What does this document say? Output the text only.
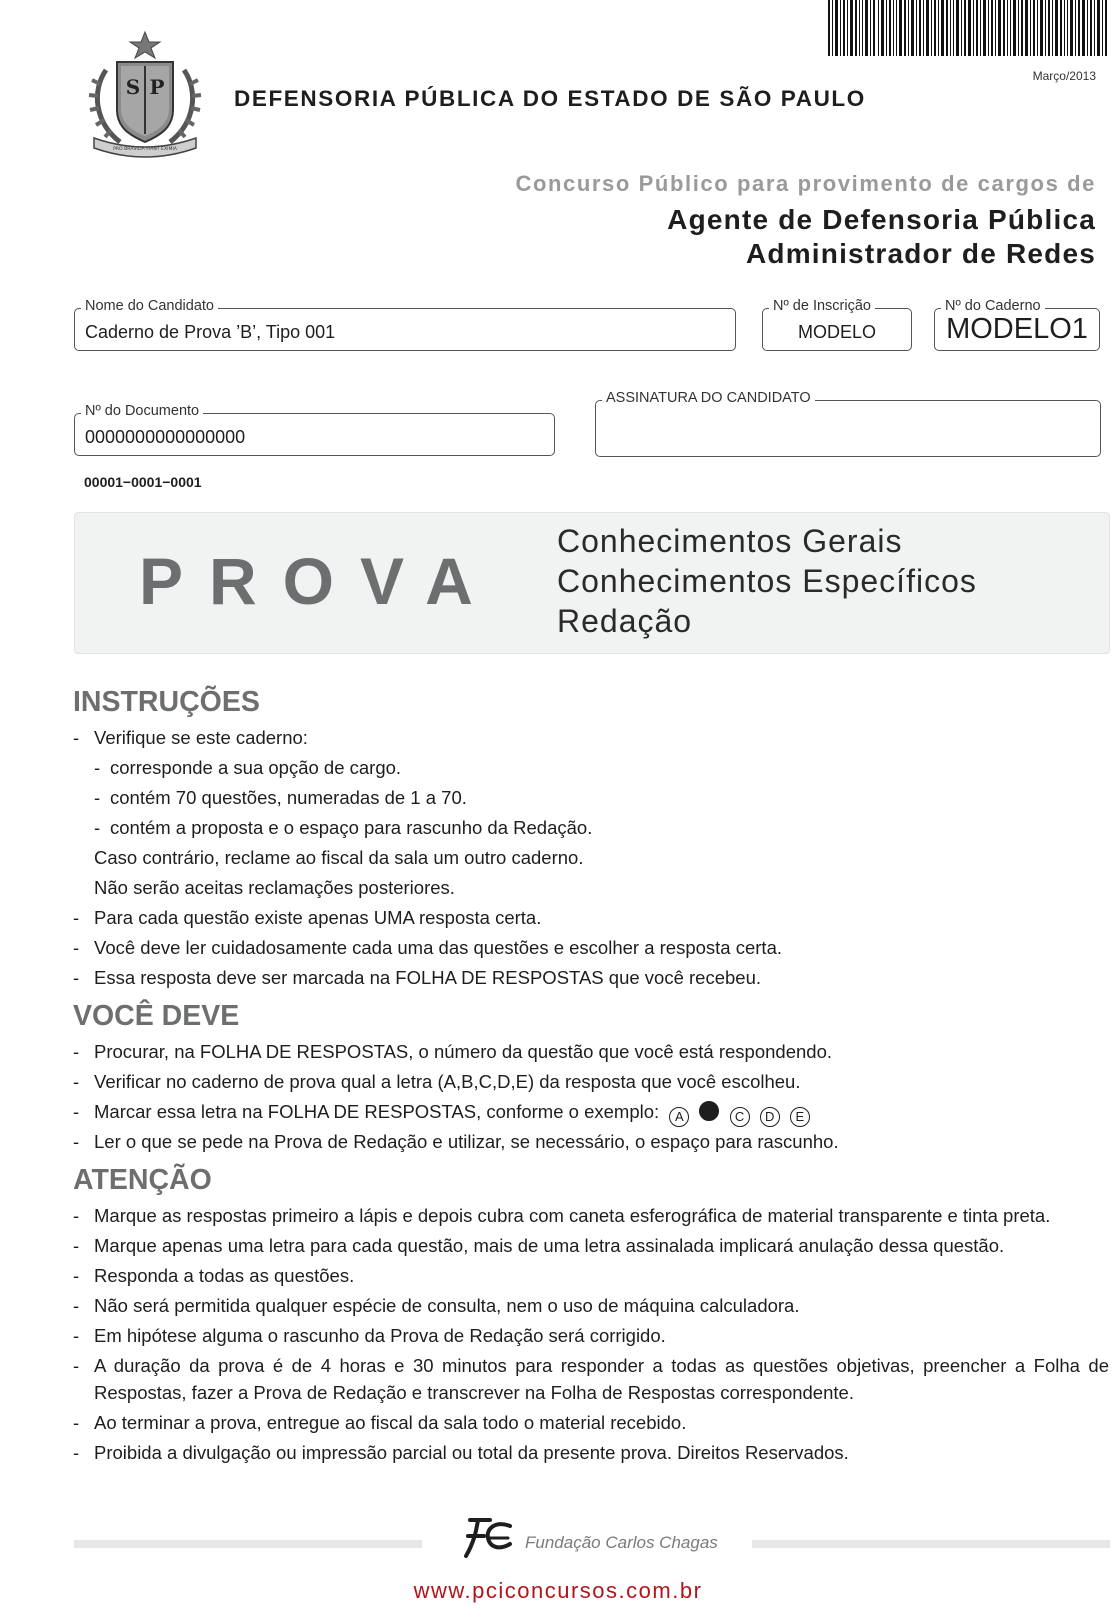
Março/2013
S P
PRO BRASILIA FIANT EXIMIA
DEFENSORIA PÚBLICA DO ESTADO DE SÃO PAULO
Concurso Público para provimento de cargos de
Agente de Defensoria Pública
Administrador de Redes
Nome do Candidato
Caderno de Prova ’B’, Tipo 001
Nº de Inscrição
MODELO
Nº do Caderno
MODELO1
Nº do Documento
0000000000000000
ASSINATURA DO CANDIDATO
00001−0001−0001
PROVA
Conhecimentos Gerais
Conhecimentos Específicos
Redação
INSTRUÇÕES
- Verifique se este caderno:
- corresponde a sua opção de cargo.
- contém 70 questões, numeradas de 1 a 70.
- contém a proposta e o espaço para rascunho da Redação.
Caso contrário, reclame ao fiscal da sala um outro caderno.
Não serão aceitas reclamações posteriores.
- Para cada questão existe apenas UMA resposta certa.
- Você deve ler cuidadosamente cada uma das questões e escolher a resposta certa.
- Essa resposta deve ser marcada na FOLHA DE RESPOSTAS que você recebeu.
VOCÊ DEVE
- Procurar, na FOLHA DE RESPOSTAS, o número da questão que você está respondendo.
- Verificar no caderno de prova qual a letra (A,B,C,D,E) da resposta que você escolheu.
- Marcar essa letra na FOLHA DE RESPOSTAS, conforme o exemplo: A	C D E
- Ler o que se pede na Prova de Redação e utilizar, se necessário, o espaço para rascunho.
ATENÇÃO
- Marque as respostas primeiro a lápis e depois cubra com caneta esferográfica de material transparente e tinta preta.
- Marque apenas uma letra para cada questão, mais de uma letra assinalada implicará anulação dessa questão.
- Responda a todas as questões.
- Não será permitida qualquer espécie de consulta, nem o uso de máquina calculadora.
- Em hipótese alguma o rascunho da Prova de Redação será corrigido.
- A duração da prova é de 4 horas e 30 minutos para responder a todas as questões objetivas, preencher a Folha de
Respostas, fazer a Prova de Redação e transcrever na Folha de Respostas correspondente.
- Ao terminar a prova, entregue ao fiscal da sala todo o material recebido.
- Proibida a divulgação ou impressão parcial ou total da presente prova. Direitos Reservados.
Fundação Carlos Chagas
www.pciconcursos.com.br
